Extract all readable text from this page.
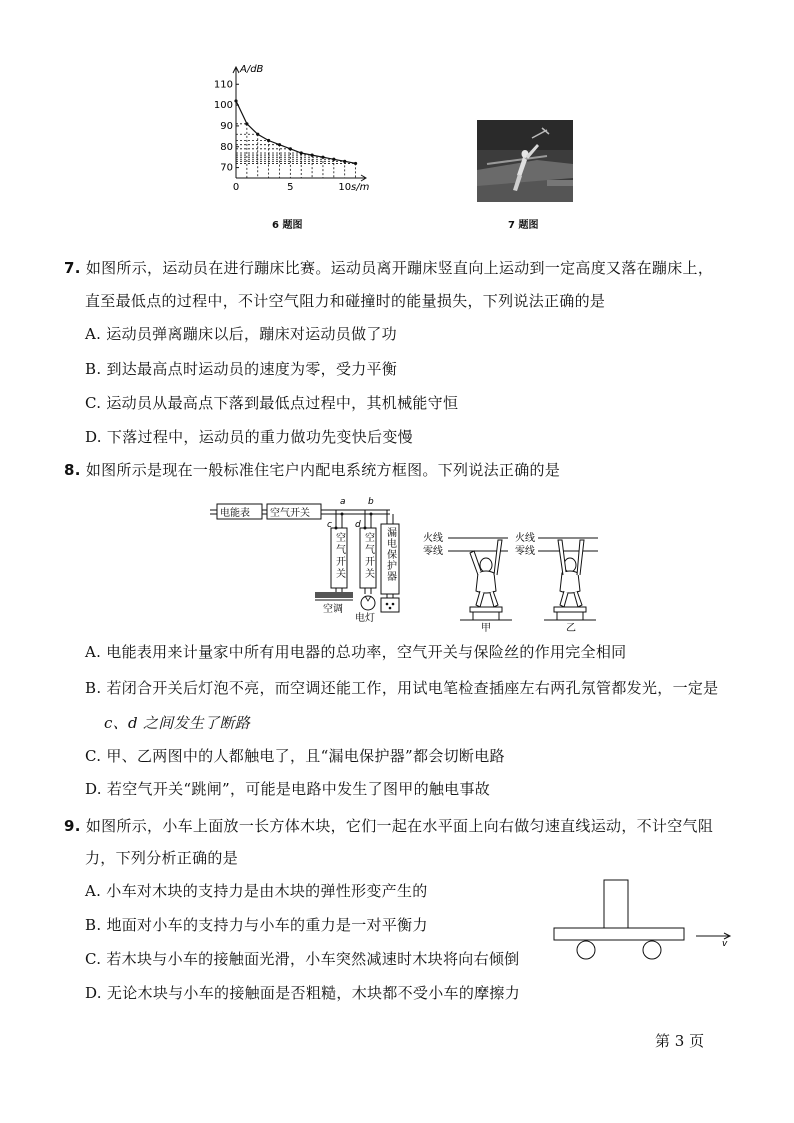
110
100
90
80
70
0	5	10
A/dB
s/m
6 题图	7 题图
7. 如图所示，运动员在进行蹦床比赛。运动员离开蹦床竖直向上运动到一定高度又落在蹦床上，
直至最低点的过程中，不计空气阻力和碰撞时的能量损失，下列说法正确的是
A. 运动员弹离蹦床以后，蹦床对运动员做了功
B. 到达最高点时运动员的速度为零，受力平衡
C. 运动员从最高点下落到最低点过程中，其机械能守恒
D. 下落过程中，运动员的重力做功先变快后变慢
8. 如图所示是现在一般标准住宅户内配电系统方框图。下列说法正确的是
电能表 空气开关
a b
c	d
空气开关 空气开关 漏电保护器
空调
电灯
火线
零线
火线
零线
甲	乙
A. 电能表用来计量家中所有用电器的总功率，空气开关与保险丝的作用完全相同
B. 若闭合开关后灯泡不亮，而空调还能工作，用试电笔检查插座左右两孔氖管都发光，一定是
c、d 之间发生了断路
C. 甲、乙两图中的人都触电了，且“漏电保护器”都会切断电路
D. 若空气开关“跳闸”，可能是电路中发生了图甲的触电事故
9. 如图所示，小车上面放一长方体木块，它们一起在水平面上向右做匀速直线运动，不计空气阻
力，下列分析正确的是
A. 小车对木块的支持力是由木块的弹性形变产生的
B. 地面对小车的支持力与小车的重力是一对平衡力
C. 若木块与小车的接触面光滑，小车突然减速时木块将向右倾倒
D. 无论木块与小车的接触面是否粗糙，木块都不受小车的摩擦力
v
第 3 页
